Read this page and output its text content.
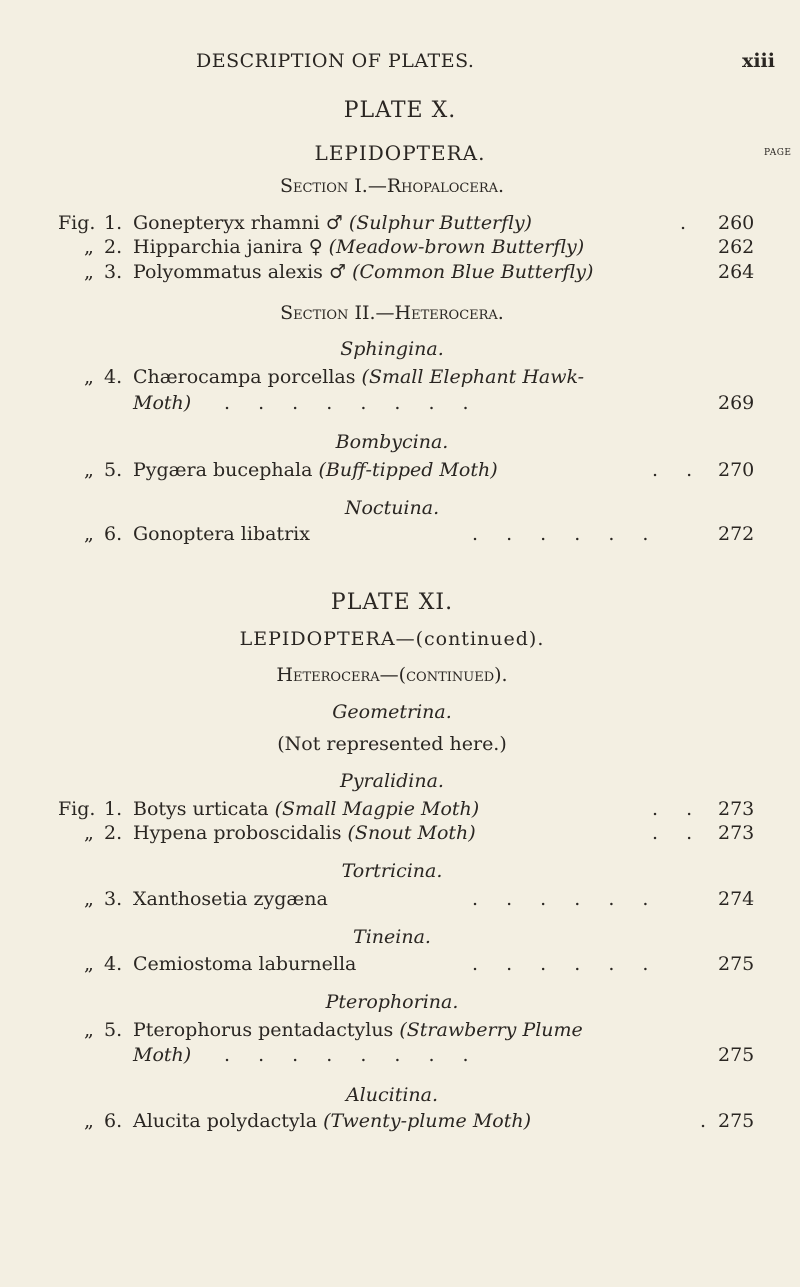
DESCRIPTION OF PLATES.	xiii
PLATE X.
LEPIDOPTERA.
Section I.—Rhopalocera.
PAGE
Fig. 1. Gonepteryx rhamni ♂ (Sulphur Butterfly)	. 260
„ 2. Hipparchia janira ♀ (Meadow-brown Butterfly)	262
„ 3. Polyommatus alexis ♂ (Common Blue Butterfly)	264
Section II.—Heterocera.
Sphingina.
„ 4. Chærocampa porcellas (Small Elephant Hawk-
Moth) . . . . . . . .	269
Bombycina.
„ 5. Pygæra bucephala (Buff-tipped Moth)	. . 270
Noctuina.
„ 6. Gonoptera libatrix	. . . . . .	272
PLATE XI.
LEPIDOPTERA—(continued).
Heterocera—(continued).
Geometrina.
(Not represented here.)
Pyralidina.
Fig. 1. Botys urticata (Small Magpie Moth)	. . 273
„ 2. Hypena proboscidalis (Snout Moth)	. . 273
Tortricina.
„ 3. Xanthosetia zygæna	. . . . . .	274
Tineina.
„ 4. Cemiostoma laburnella	. . . . . .	275
Pterophorina.
„ 5. Pterophorus pentadactylus (Strawberry Plume
Moth) . . . . . . . .	275
Alucitina.
„ 6. Alucita polydactyla (Twenty-plume Moth)	. 275
